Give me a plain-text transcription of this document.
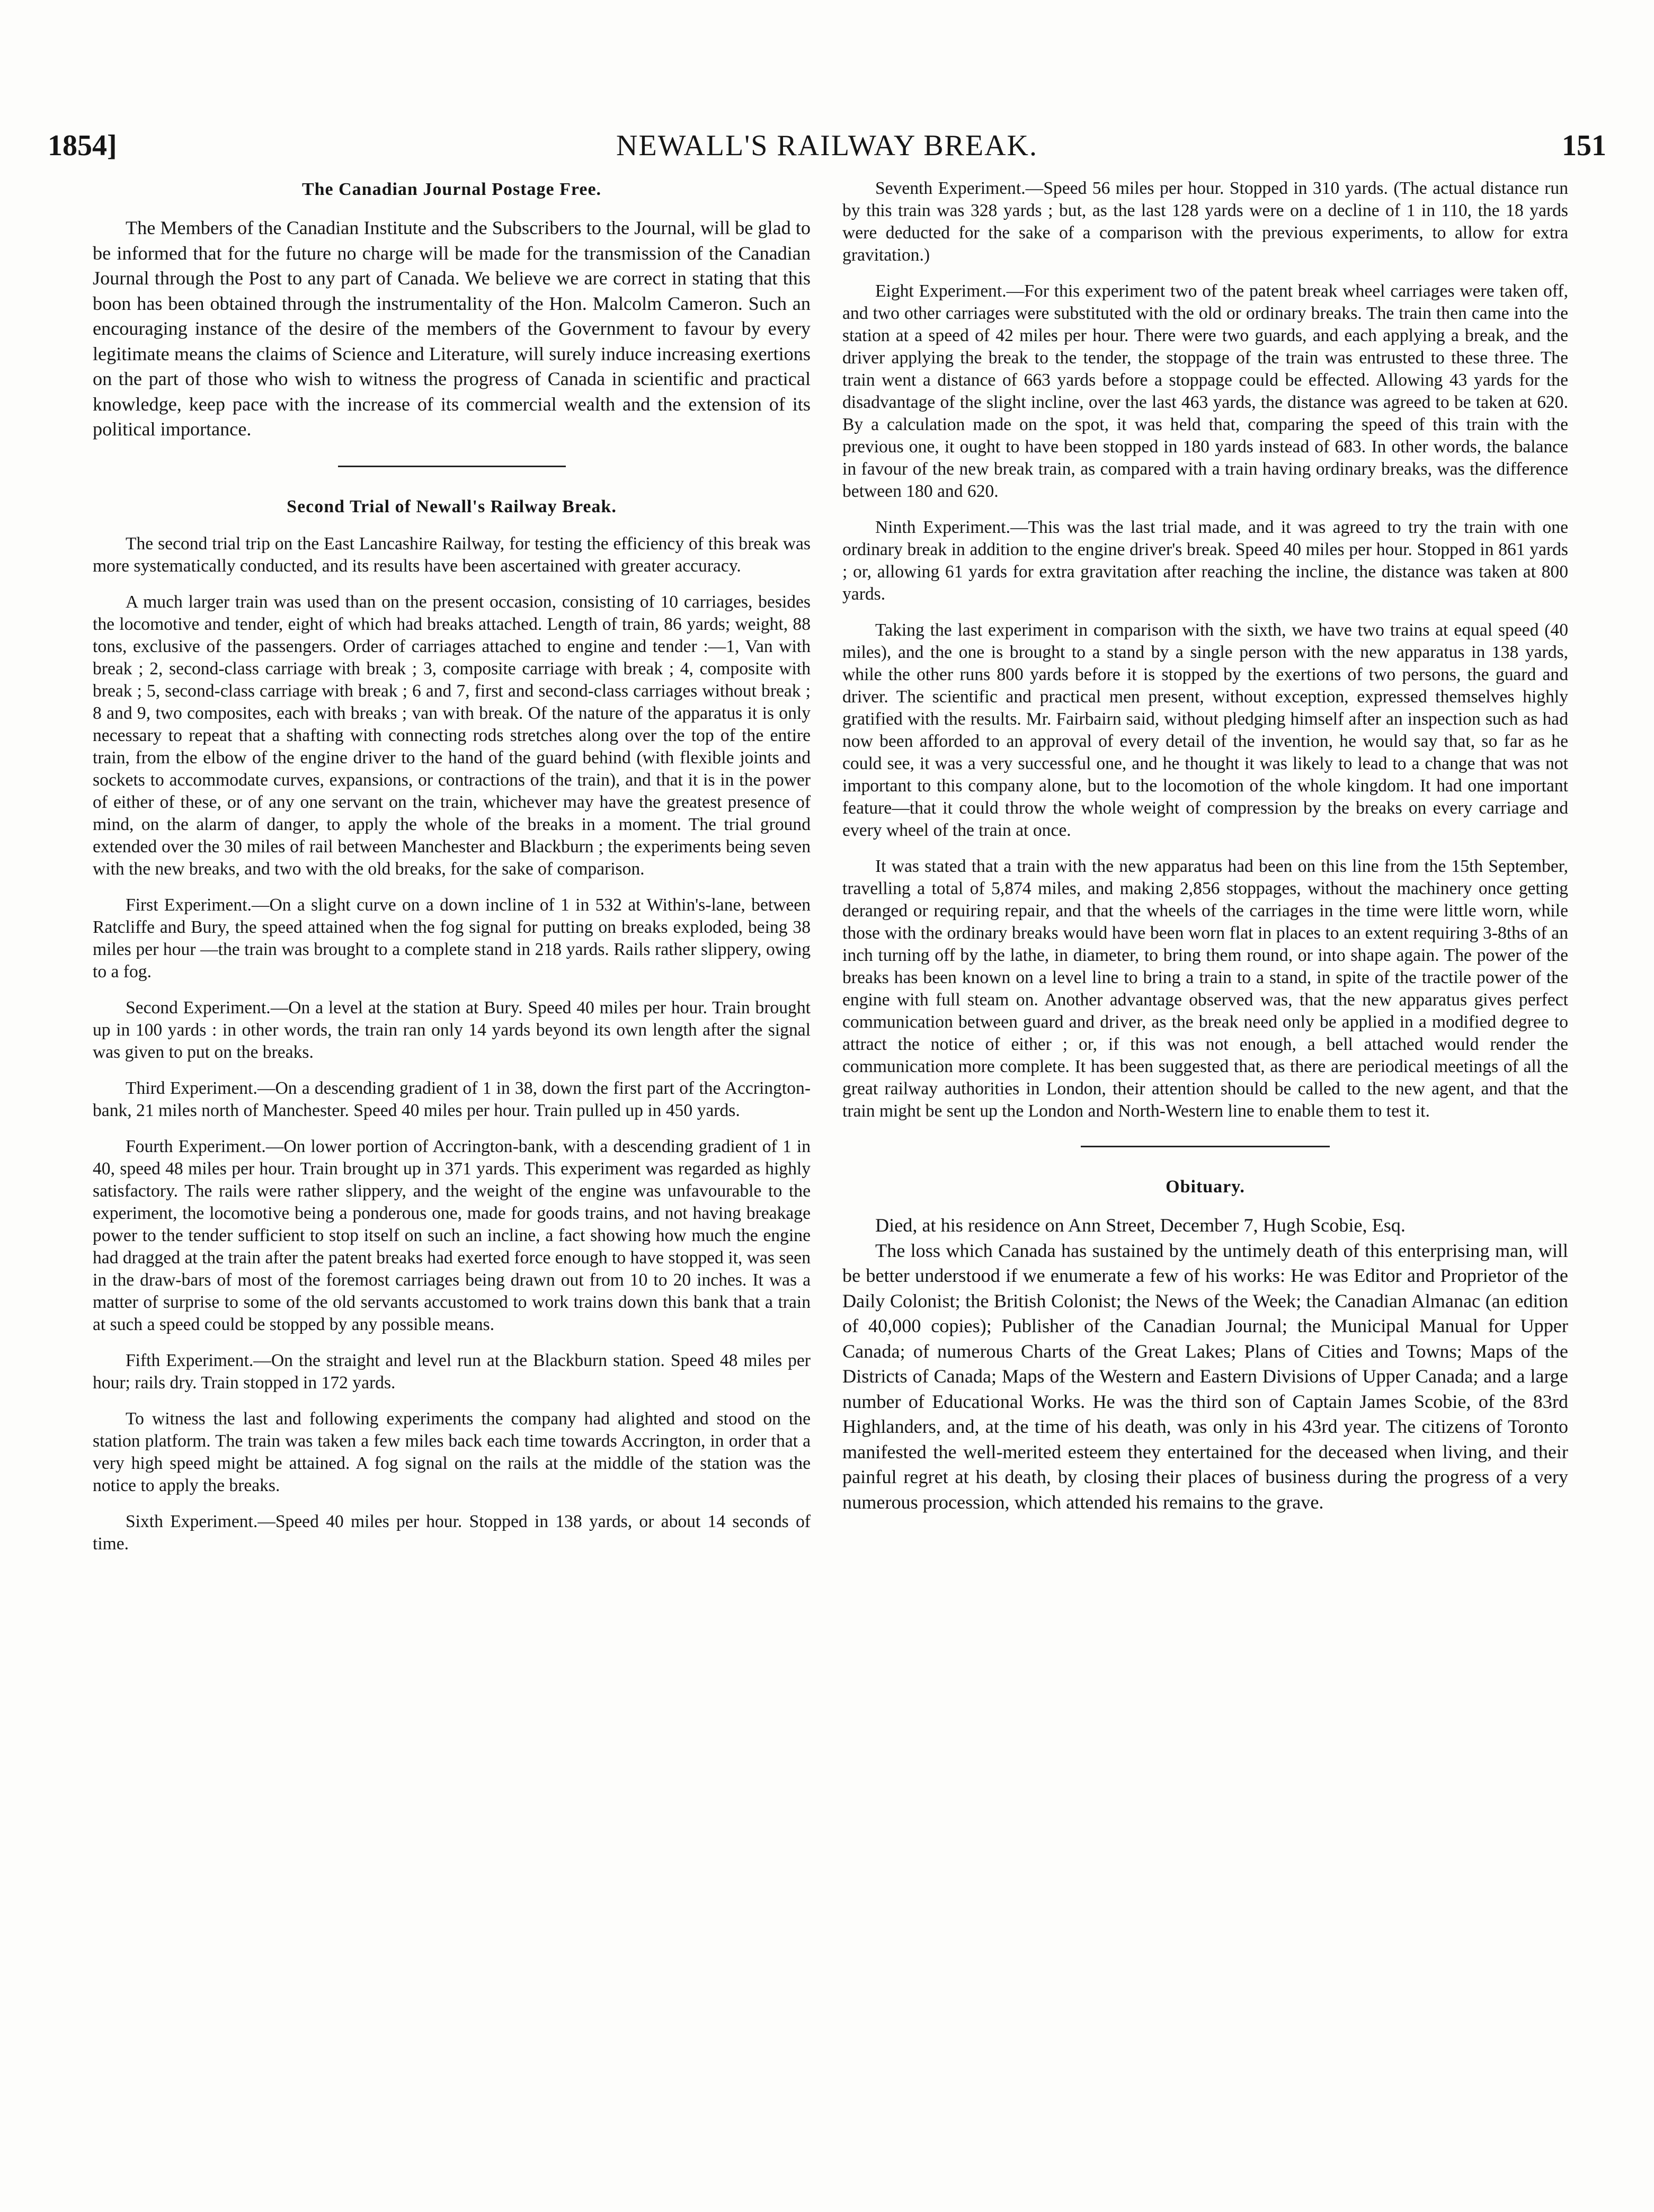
1854]	NEWALL'S RAILWAY BREAK.	151
The Canadian Journal Postage Free.

The Members of the Canadian Institute and the Subscribers to the Journal, will be glad to be informed that for the future no charge will be made for the transmission of the Canadian Journal through the Post to any part of Canada. We believe we are correct in stating that this boon has been obtained through the instrumentality of the Hon. Malcolm Cameron. Such an encouraging instance of the desire of the members of the Government to favour by every legitimate means the claims of Science and Literature, will surely induce increasing exertions on the part of those who wish to witness the progress of Canada in scientific and practical knowledge, keep pace with the increase of its commercial wealth and the extension of its political importance.

Second Trial of Newall's Railway Break.

The second trial trip on the East Lancashire Railway, for testing the efficiency of this break was more systematically conducted, and its results have been ascertained with greater accuracy.

A much larger train was used than on the present occasion, consisting of 10 carriages, besides the locomotive and tender, eight of which had breaks attached. Length of train, 86 yards; weight, 88 tons, exclusive of the passengers. Order of carriages attached to engine and tender :—1, Van with break ; 2, second-class carriage with break ; 3, composite carriage with break ; 4, composite with break ; 5, second-class carriage with break ; 6 and 7, first and second-class carriages without break ; 8 and 9, two composites, each with breaks ; van with break. Of the nature of the apparatus it is only necessary to repeat that a shafting with connecting rods stretches along over the top of the entire train, from the elbow of the engine driver to the hand of the guard behind (with flexible joints and sockets to accommodate curves, expansions, or contractions of the train), and that it is in the power of either of these, or of any one servant on the train, whichever may have the greatest presence of mind, on the alarm of danger, to apply the whole of the breaks in a moment. The trial ground extended over the 30 miles of rail between Manchester and Blackburn ; the experiments being seven with the new breaks, and two with the old breaks, for the sake of comparison.

First Experiment.—On a slight curve on a down incline of 1 in 532 at Within's-lane, between Ratcliffe and Bury, the speed attained when the fog signal for putting on breaks exploded, being 38 miles per hour —the train was brought to a complete stand in 218 yards. Rails rather slippery, owing to a fog.

Second Experiment.—On a level at the station at Bury. Speed 40 miles per hour. Train brought up in 100 yards : in other words, the train ran only 14 yards beyond its own length after the signal was given to put on the breaks.

Third Experiment.—On a descending gradient of 1 in 38, down the first part of the Accrington-bank, 21 miles north of Manchester. Speed 40 miles per hour. Train pulled up in 450 yards.

Fourth Experiment.—On lower portion of Accrington-bank, with a descending gradient of 1 in 40, speed 48 miles per hour. Train brought up in 371 yards. This experiment was regarded as highly satisfactory. The rails were rather slippery, and the weight of the engine was unfavourable to the experiment, the locomotive being a ponderous one, made for goods trains, and not having breakage power to the tender sufficient to stop itself on such an incline, a fact showing how much the engine had dragged at the train after the patent breaks had exerted force enough to have stopped it, was seen in the draw-bars of most of the foremost carriages being drawn out from 10 to 20 inches. It was a matter of surprise to some of the old servants accustomed to work trains down this bank that a train at such a speed could be stopped by any possible means.

Fifth Experiment.—On the straight and level run at the Blackburn station. Speed 48 miles per hour; rails dry. Train stopped in 172 yards.

To witness the last and following experiments the company had alighted and stood on the station platform. The train was taken a few miles back each time towards Accrington, in order that a very high speed might be attained. A fog signal on the rails at the middle of the station was the notice to apply the breaks.

Sixth Experiment.—Speed 40 miles per hour. Stopped in 138 yards, or about 14 seconds of time.

Seventh Experiment.—Speed 56 miles per hour. Stopped in 310 yards. (The actual distance run by this train was 328 yards ; but, as the last 128 yards were on a decline of 1 in 110, the 18 yards were deducted for the sake of a comparison with the previous experiments, to allow for extra gravitation.)

Eight Experiment.—For this experiment two of the patent break wheel carriages were taken off, and two other carriages were substituted with the old or ordinary breaks. The train then came into the station at a speed of 42 miles per hour. There were two guards, and each applying a break, and the driver applying the break to the tender, the stoppage of the train was entrusted to these three. The train went a distance of 663 yards before a stoppage could be effected. Allowing 43 yards for the disadvantage of the slight incline, over the last 463 yards, the distance was agreed to be taken at 620. By a calculation made on the spot, it was held that, comparing the speed of this train with the previous one, it ought to have been stopped in 180 yards instead of 683. In other words, the balance in favour of the new break train, as compared with a train having ordinary breaks, was the difference between 180 and 620.

Ninth Experiment.—This was the last trial made, and it was agreed to try the train with one ordinary break in addition to the engine driver's break. Speed 40 miles per hour. Stopped in 861 yards ; or, allowing 61 yards for extra gravitation after reaching the incline, the distance was taken at 800 yards.

Taking the last experiment in comparison with the sixth, we have two trains at equal speed (40 miles), and the one is brought to a stand by a single person with the new apparatus in 138 yards, while the other runs 800 yards before it is stopped by the exertions of two persons, the guard and driver. The scientific and practical men present, without exception, expressed themselves highly gratified with the results. Mr. Fairbairn said, without pledging himself after an inspection such as had now been afforded to an approval of every detail of the invention, he would say that, so far as he could see, it was a very successful one, and he thought it was likely to lead to a change that was not important to this company alone, but to the locomotion of the whole kingdom. It had one important feature—that it could throw the whole weight of compression by the breaks on every carriage and every wheel of the train at once.

It was stated that a train with the new apparatus had been on this line from the 15th September, travelling a total of 5,874 miles, and making 2,856 stoppages, without the machinery once getting deranged or requiring repair, and that the wheels of the carriages in the time were little worn, while those with the ordinary breaks would have been worn flat in places to an extent requiring 3-8ths of an inch turning off by the lathe, in diameter, to bring them round, or into shape again. The power of the breaks has been known on a level line to bring a train to a stand, in spite of the tractile power of the engine with full steam on. Another advantage observed was, that the new apparatus gives perfect communication between guard and driver, as the break need only be applied in a modified degree to attract the notice of either ; or, if this was not enough, a bell attached would render the communication more complete. It has been suggested that, as there are periodical meetings of all the great railway authorities in London, their attention should be called to the new agent, and that the train might be sent up the London and North-Western line to enable them to test it.

Obituary.

Died, at his residence on Ann Street, December 7, Hugh Scobie, Esq.

The loss which Canada has sustained by the untimely death of this enterprising man, will be better understood if we enumerate a few of his works: He was Editor and Proprietor of the Daily Colonist; the British Colonist; the News of the Week; the Canadian Almanac (an edition of 40,000 copies); Publisher of the Canadian Journal; the Municipal Manual for Upper Canada; of numerous Charts of the Great Lakes; Plans of Cities and Towns; Maps of the Districts of Canada; Maps of the Western and Eastern Divisions of Upper Canada; and a large number of Educational Works. He was the third son of Captain James Scobie, of the 83rd Highlanders, and, at the time of his death, was only in his 43rd year. The citizens of Toronto manifested the well-merited esteem they entertained for the deceased when living, and their painful regret at his death, by closing their places of business during the progress of a very numerous procession, which attended his remains to the grave.
